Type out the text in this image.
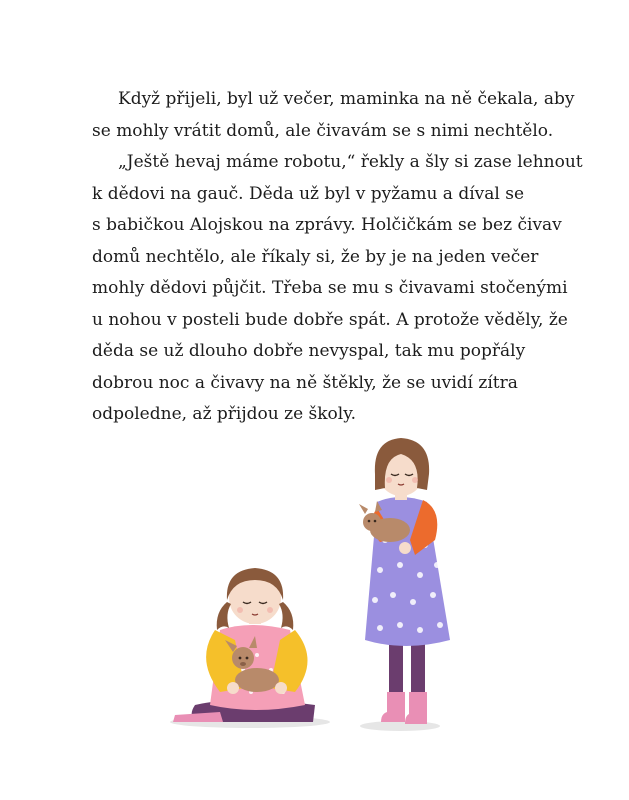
Když přijeli, byl už večer, maminka na ně čekala, aby
se mohly vrátit domů, ale čivavám se s nimi nechtělo.

„Ještě hevaj máme robotu,“ řekly a šly si zase lehnout
k dědovi na gauč. Děda už byl v pyžamu a díval se
s babičkou Alojskou na zprávy. Holčičkám se bez čivav
domů nechtělo, ale říkaly si, že by je na jeden večer
mohly dědovi půjčit. Třeba se mu s čivavami stočenými
u nohou v posteli bude dobře spát. A protože věděly, že
děda se už dlouho dobře nevyspal, tak mu popřály
dobrou noc a čivavy na ně štěkly, že se uvidí zítra
odpoledne, až přijdou ze školy.
